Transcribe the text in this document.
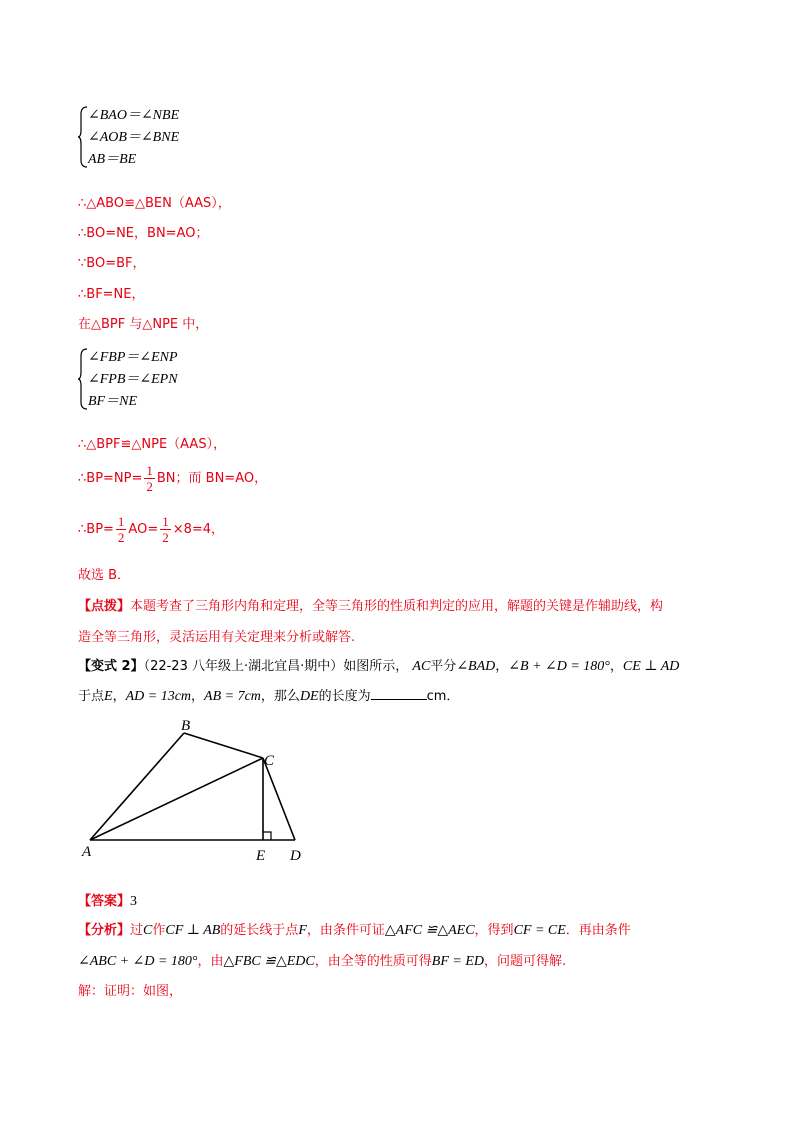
∠BAO＝∠NBE
∠AOB＝∠BNE
AB＝BE
∴△ABO≌△BEN（AAS），
∴BO=NE，BN=AO；
∵BO=BF，
∴BF=NE，
在△BPF 与△NPE 中，
∠FBP＝∠ENP
∠FPB＝∠EPN
BF＝NE
∴△BPF≌△NPE（AAS），
∴BP=NP= $\frac{1}{2}$ BN；而 BN=AO，
∴BP= $\frac{1}{2} AO= \frac{1}{2} \times 8=4$，
故选 B．
【点拨】本题考查了三角形内角和定理，全等三角形的性质和判定的应用，解题的关键是作辅助线，构
造全等三角形，灵活运用有关定理来分析或解答.
【变式 2】（22-23 八年级上·湖北宜昌·期中）如图所示， AC平分∠BAD，∠B + ∠D = 180°，CE ⊥ AD
于点E，AD = 13cm，AB = 7cm，那么DE的长度为	cm．
A
B
C
E D
【答案】3
【分析】过C作CF ⊥ AB的延长线于点F，由条件可证△AFC ≌△AEC，得到CF = CE．再由条件
∠ABC + ∠D = 180°，由△FBC ≌△EDC，由全等的性质可得BF = ED，问题可得解.
解：证明：如图，
